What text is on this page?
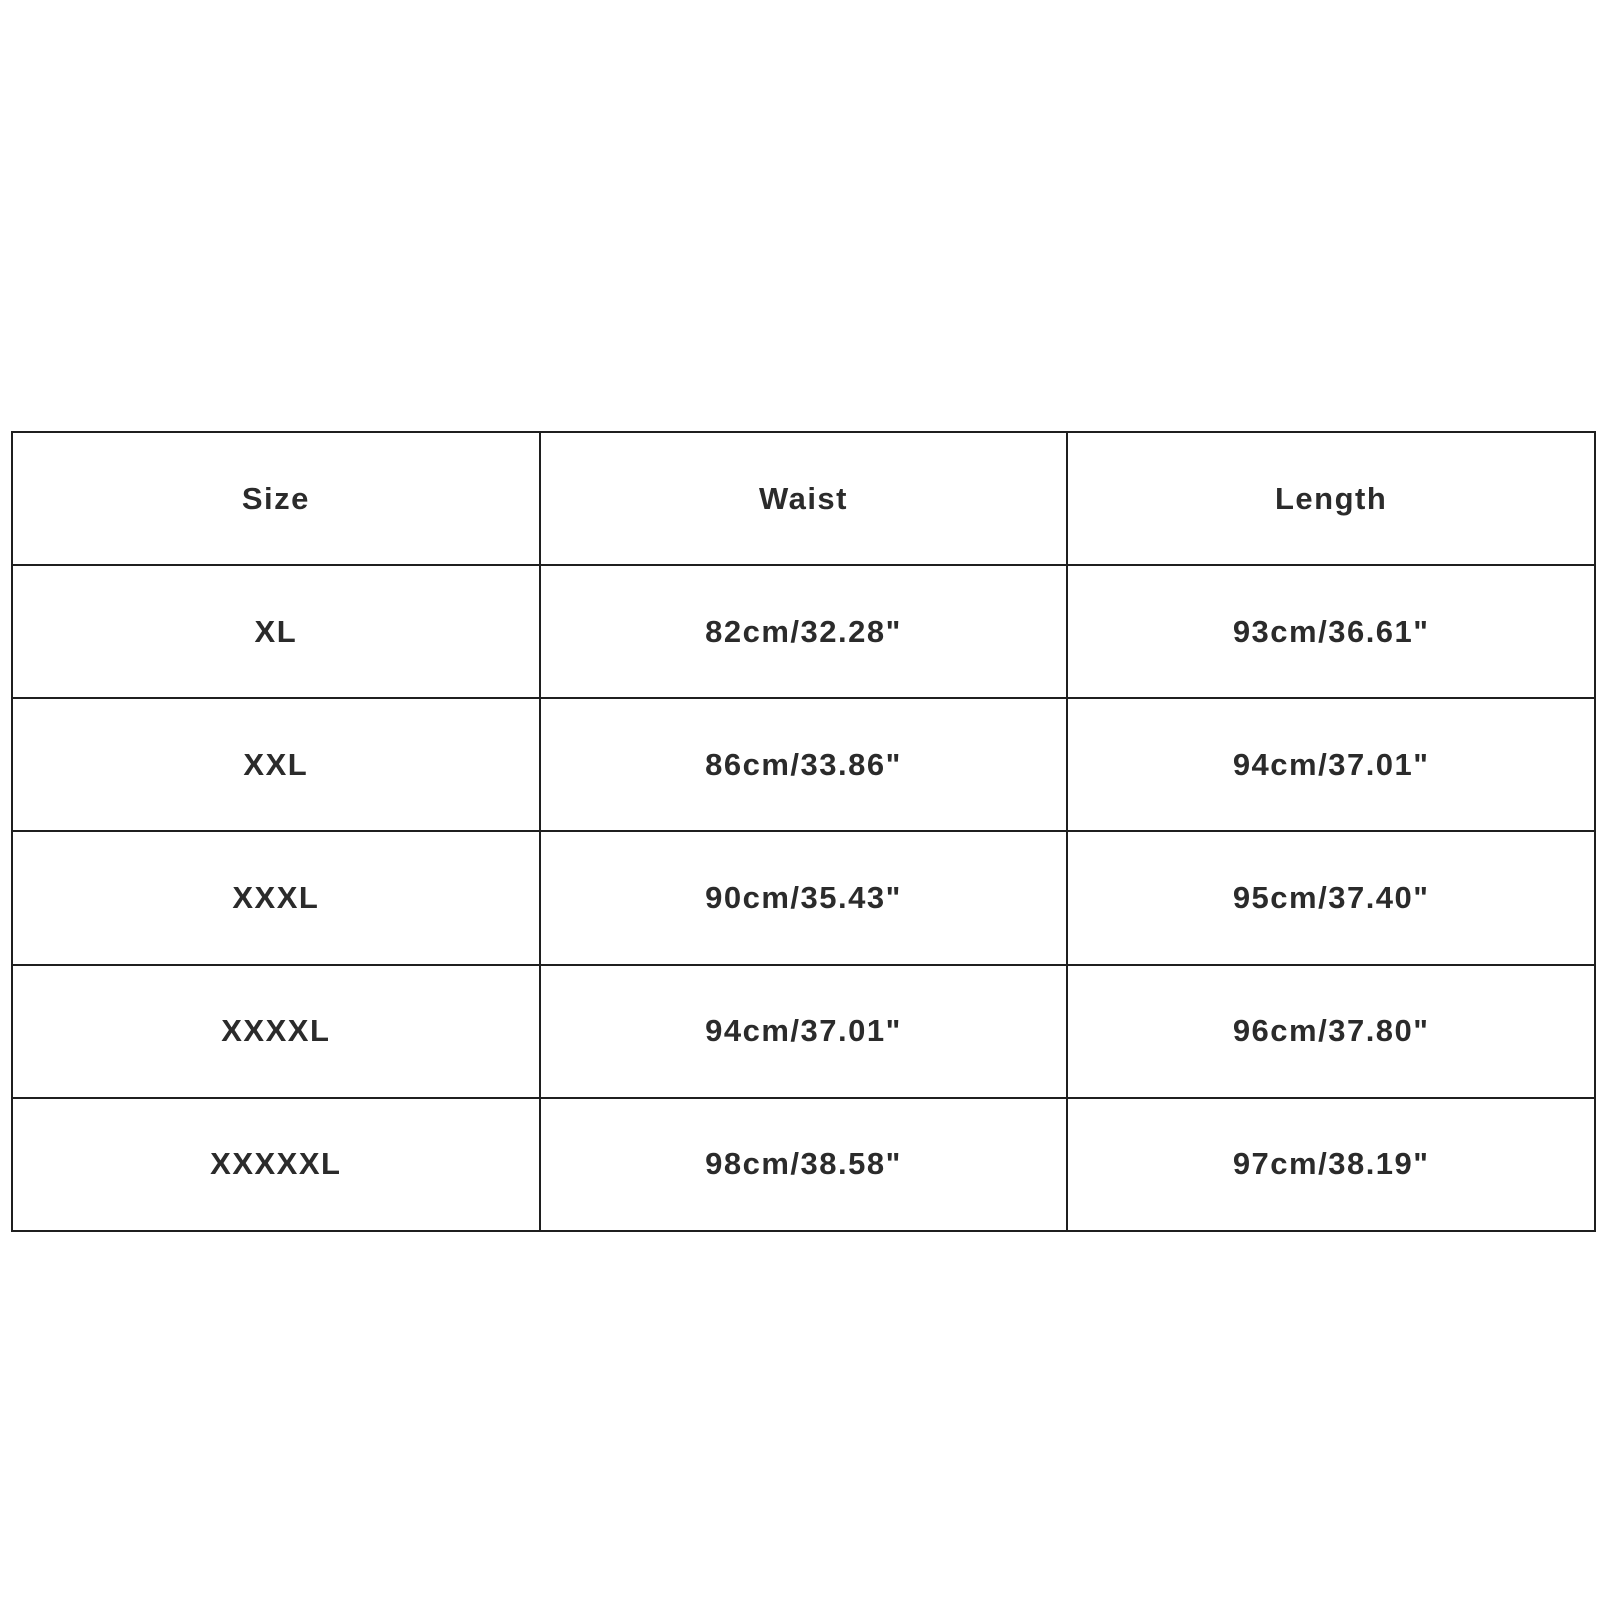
Size	Waist	Length
XL	82cm/32.28"	93cm/36.61"
XXL	86cm/33.86"	94cm/37.01"
XXXL	90cm/35.43"	95cm/37.40"
XXXXL	94cm/37.01"	96cm/37.80"
XXXXXL	98cm/38.58"	97cm/38.19"
